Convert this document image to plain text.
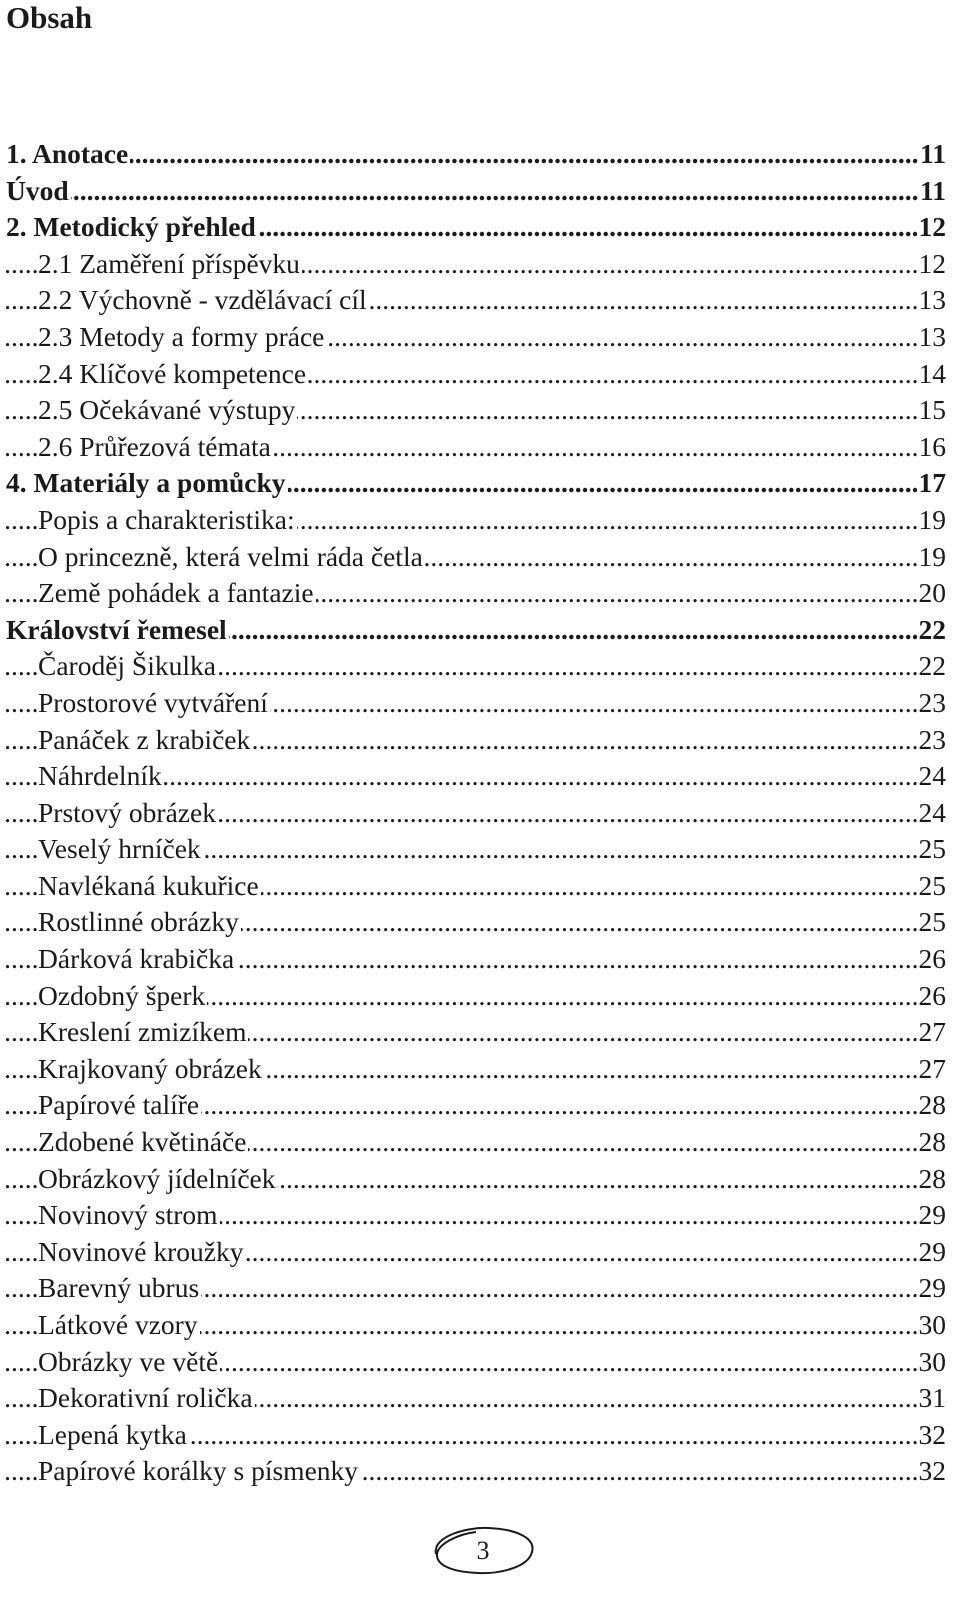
Obsah
.....
1. Anotace	11
.....
Úvod	11
.....
2. Metodický přehled	12
.....
2.1 Zaměření příspěvku	12
.....
2.2 Výchovně - vzdělávací cíl	13
.....
2.3 Metody a formy práce	13
.....
2.4 Klíčové kompetence	14
.....
2.5 Očekávané výstupy	15
.....
2.6 Průřezová témata	16
.....
4. Materiály a pomůcky	17
.....
Popis a charakteristika:	19
.....
O princezně, která velmi ráda četla	19
.....
Země pohádek a fantazie	20
.....
Království řemesel	22
.....
Čaroděj Šikulka	22
.....
Prostorové vytváření	23
.....
Panáček z krabiček	23
.....
Náhrdelník	24
.....
Prstový obrázek	24
.....
Veselý hrníček	25
.....
Navlékaná kukuřice	25
.....
Rostlinné obrázky	25
.....
Dárková krabička	26
.....
Ozdobný šperk	26
.....
Kreslení zmizíkem	27
.....
Krajkovaný obrázek	27
.....
Papírové talíře	28
.....
Zdobené květináče	28
.....
Obrázkový jídelníček	28
.....
Novinový strom	29
.....
Novinové kroužky	29
.....
Barevný ubrus	29
.....
Látkové vzory	30
.....
Obrázky ve větě	30
.....
Dekorativní rolička	31
.....
Lepená kytka	32
.....
Papírové korálky s písmenky	32
3
